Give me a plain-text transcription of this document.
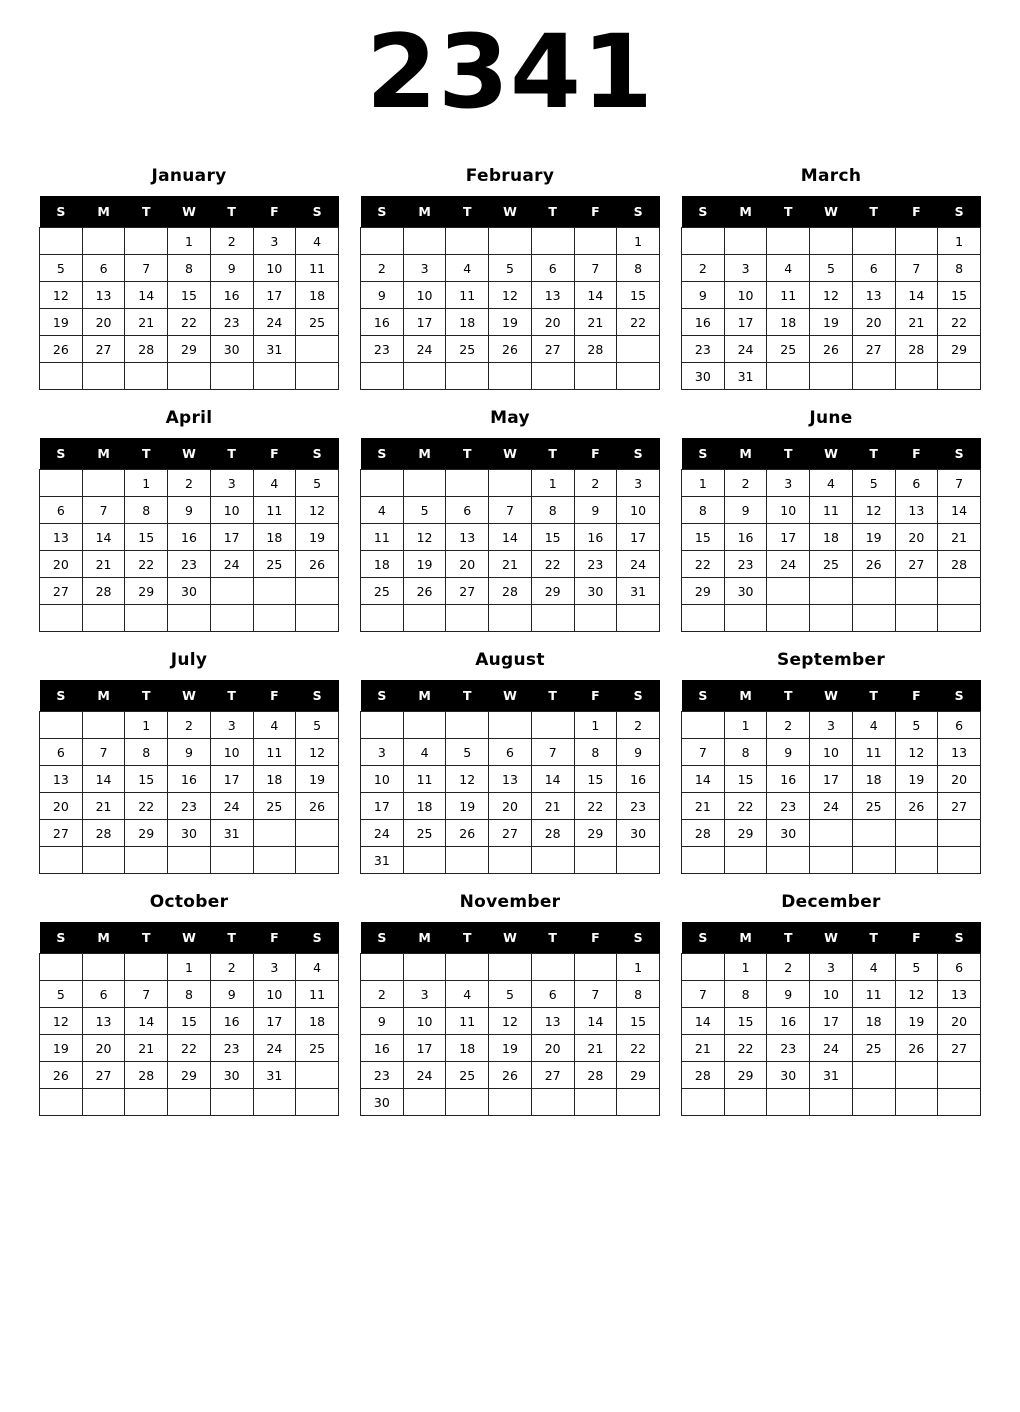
2341
January
S	M	T	W	T	F	S
			1	2	3	4
5	6	7	8	9	10	11
12	13	14	15	16	17	18
19	20	21	22	23	24	25
26	27	28	29	30	31	

February
S	M	T	W	T	F	S
						1
2	3	4	5	6	7	8
9	10	11	12	13	14	15
16	17	18	19	20	21	22
23	24	25	26	27	28	

March
S	M	T	W	T	F	S
						1
2	3	4	5	6	7	8
9	10	11	12	13	14	15
16	17	18	19	20	21	22
23	24	25	26	27	28	29
30	31					
April
S	M	T	W	T	F	S
		1	2	3	4	5
6	7	8	9	10	11	12
13	14	15	16	17	18	19
20	21	22	23	24	25	26
27	28	29	30			

May
S	M	T	W	T	F	S
				1	2	3
4	5	6	7	8	9	10
11	12	13	14	15	16	17
18	19	20	21	22	23	24
25	26	27	28	29	30	31

June
S	M	T	W	T	F	S
1	2	3	4	5	6	7
8	9	10	11	12	13	14
15	16	17	18	19	20	21
22	23	24	25	26	27	28
29	30					

July
S	M	T	W	T	F	S
		1	2	3	4	5
6	7	8	9	10	11	12
13	14	15	16	17	18	19
20	21	22	23	24	25	26
27	28	29	30	31		

August
S	M	T	W	T	F	S
					1	2
3	4	5	6	7	8	9
10	11	12	13	14	15	16
17	18	19	20	21	22	23
24	25	26	27	28	29	30
31						
September
S	M	T	W	T	F	S
	1	2	3	4	5	6
7	8	9	10	11	12	13
14	15	16	17	18	19	20
21	22	23	24	25	26	27
28	29	30				

October
S	M	T	W	T	F	S
			1	2	3	4
5	6	7	8	9	10	11
12	13	14	15	16	17	18
19	20	21	22	23	24	25
26	27	28	29	30	31	

November
S	M	T	W	T	F	S
						1
2	3	4	5	6	7	8
9	10	11	12	13	14	15
16	17	18	19	20	21	22
23	24	25	26	27	28	29
30						
December
S	M	T	W	T	F	S
	1	2	3	4	5	6
7	8	9	10	11	12	13
14	15	16	17	18	19	20
21	22	23	24	25	26	27
28	29	30	31			
